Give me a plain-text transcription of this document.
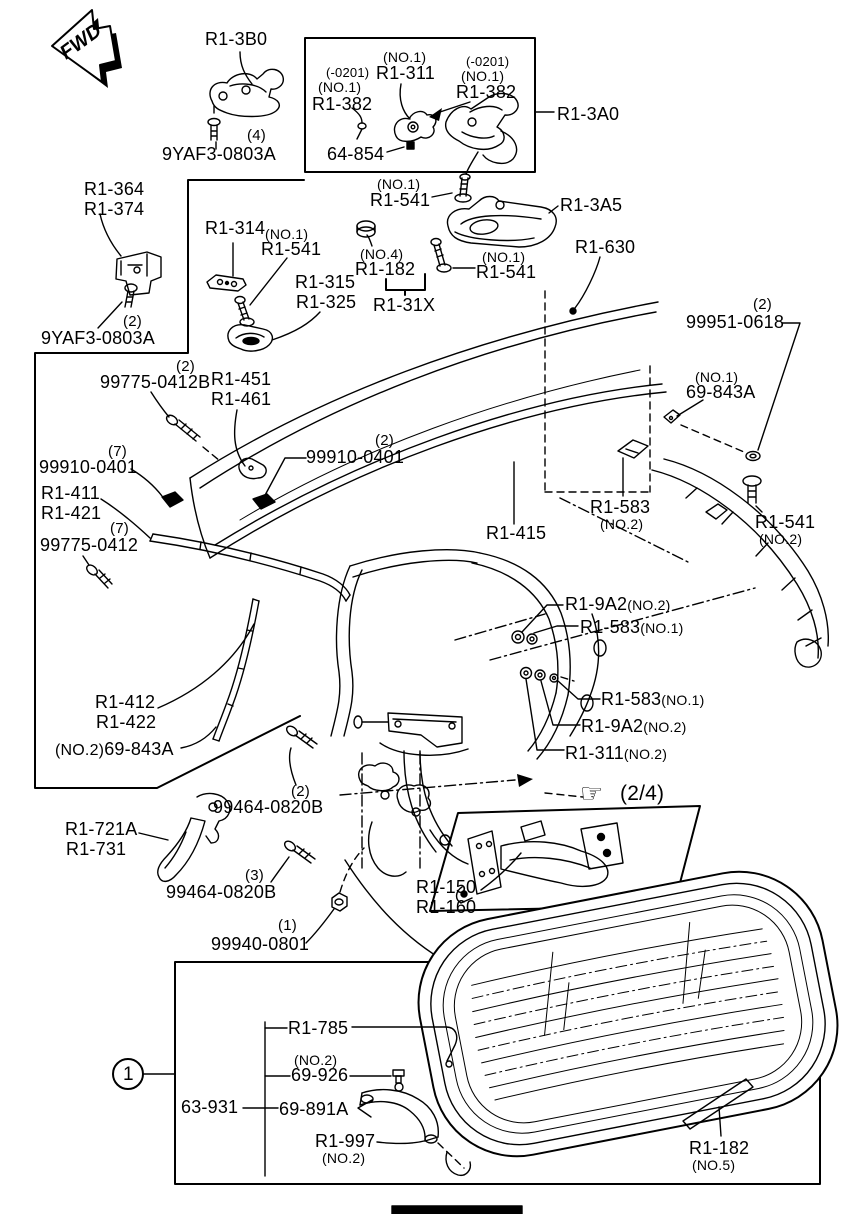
FWD	R1-3B0
(4)
9YAF3-0803A
(-0201)
(NO.1)
R1-382
(NO.1)
R1-311
(-0201)
(NO.1)
R1-382
64-854
R1-3A0
R1-364
R1-374
(2)
9YAF3-0803A
R1-314 (NO.1)
R1-541
R1-315
R1-325
(NO.4)
R1-182
R1-31X
(NO.1)
R1-541
(NO.1)
R1-541
R1-3A5
R1-630
(2)
99951-0618
(NO.1)
69-843A
(2)
99775-0412B R1-451
R1-461
(7)
99910-0401
R1-411
R1-421
(7)
99775-0412
(2)
99910-0401
R1-415
R1-583
(NO.2)	R1-541
(NO.2)
R1-9A2(NO.2)
R1-583(NO.1)
R1-583(NO.1)
R1-9A2(NO.2)
R1-311(NO.2)
R1-412
R1-422
(NO.2)69-843A
(2)
99464-0820B
R1-721A
R1-731
(3)
99464-0820B
(1)
99940-0801
R1-150
R1-160
☞ (2/4)
1
R1-785
(NO.2)
69-926
63-931 69-891A
R1-997
(NO.2)	R1-182
(NO.5)
